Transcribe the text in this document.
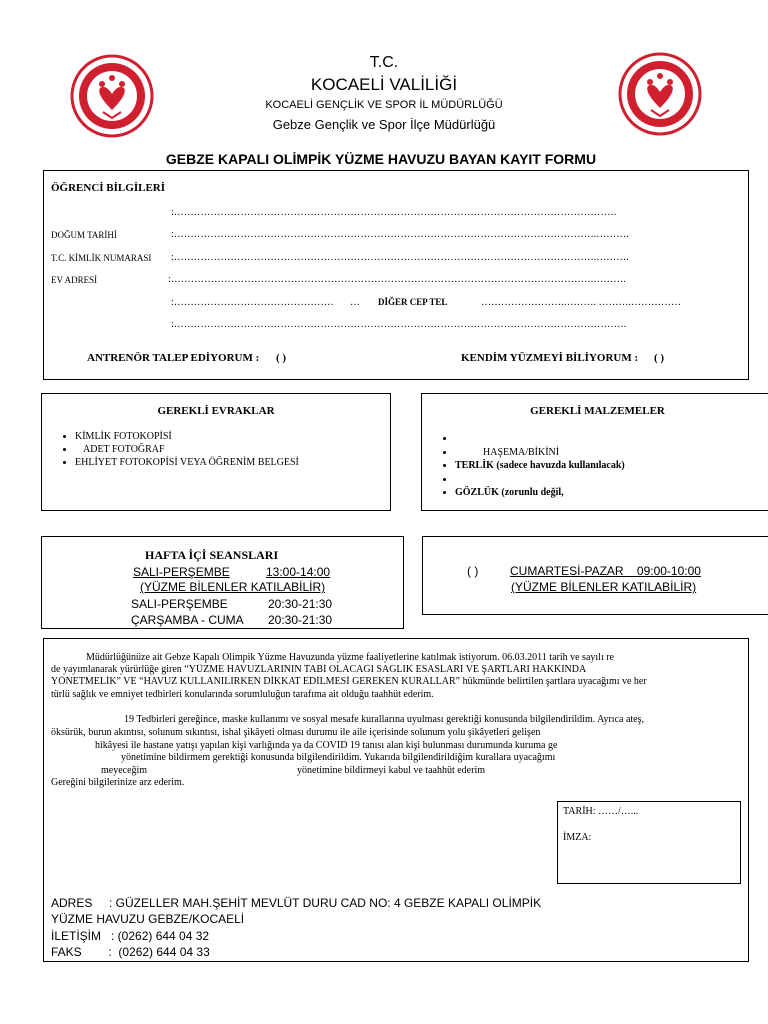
T.C.
KOCAELİ VALİLİĞİ
KOCAELİ GENÇLİK VE SPOR İL MÜDÜRLÜĞÜ
Gebze Gençlik ve Spor İlçe Müdürlüğü
GEBZE KAPALI OLİMPİK YÜZME HAVUZU BAYAN KAYIT FORMU
ÖĞRENCİ BİLGİLERİ
:…………………………………………………………………………………………………………………….
DOĞUM TARİHİ	:……………………………………………………………………………………………………………….……….
T.C. KİMLİK NUMARASI :……………………………………………………………………………………………………………….……….
EV ADRESİ	:……………………………………………………………………………………………………………….……….
:…………………………………………	… DİĞER CEP TEL	…………………….………. ……….……………
:……………………………………………………………………………………………………………………….
ANTRENÖR TALEP EDİYORUM : ( )	KENDİM YÜZMEYİ BİLİYORUM : ( )
GEREKLİ EVRAKLAR
• KİMLİK FOTOKOPİSİ
• ADET FOTOĞRAF
• EHLİYET FOTOKOPİSİ VEYA ÖĞRENİM BELGESİ
GEREKLİ MALZEMELER
•
• HAŞEMA/BİKİNİ
• TERLİK (sadece havuzda kullanılacak)
•
• GÖZLÜK (zorunlu değil,
HAFTA İÇİ SEANSLARI
SALI-PERŞEMBE	13:00-14:00
(YÜZME BİLENLER KATILABİLİR)
SALI-PERŞEMBE	20:30-21:30
ÇARŞAMBA - CUMA 20:30-21:30
( )	CUMARTESİ-PAZAR    09:00-10:00
(YÜZME BİLENLER KATILABİLİR)
Müdürlüğünüze ait Gebze Kapalı Olimpik Yüzme Havuzunda yüzme faaliyetlerine katılmak istiyorum. 06.03.2011 tarih ve sayılı re
de yayımlanarak yürürlüğe giren “YÜZME HAVUZLARININ TABİ OLACAĞI SAĞLIK ESASLARI VE ŞARTLARI HAKKINDA
YÖNETMELİK” VE “HAVUZ KULLANILIRKEN DİKKAT EDİLMESİ GEREKEN KURALLAR” hükmünde belirtilen şartlara uyacağımı ve her
türlü sağlık ve emniyet tedbirleri konularında sorumluluğun tarafıma ait olduğu taahhüt ederim.
19 Tedbirleri gereğince, maske kullanımı ve sosyal mesafe kurallarına uyulması gerektiği konusunda bilgilendirildim. Ayrıca ateş,
öksürük, burun akıntısı, solunum sıkıntısı, ishal şikâyeti olması durumu ile aile içerisinde solunum yolu şikâyetleri gelişen
hikâyesi ile hastane yatışı yapılan kişi varlığında ya da COVID 19 tanısı alan kişi bulunması durumunda kuruma ge
yönetimine bildirmem gerektiği konusunda bilgilendirildim. Yukarıda bilgilendirildiğim kurallara uyacağımı
meyeceğim	yönetimine bildirmeyi kabul ve taahhüt ederim
Gereğini bilgilerinize arz ederim.
TARİH: ……/…...
İMZA:
ADRES     : GÜZELLER MAH.ŞEHİT MEVLÜT DURU CAD NO: 4 GEBZE KAPALI OLİMPİK
YÜZME HAVUZU GEBZE/KOCAELİ
İLETİŞİM   : (0262) 644 04 32
FAKS        :  (0262) 644 04 33
